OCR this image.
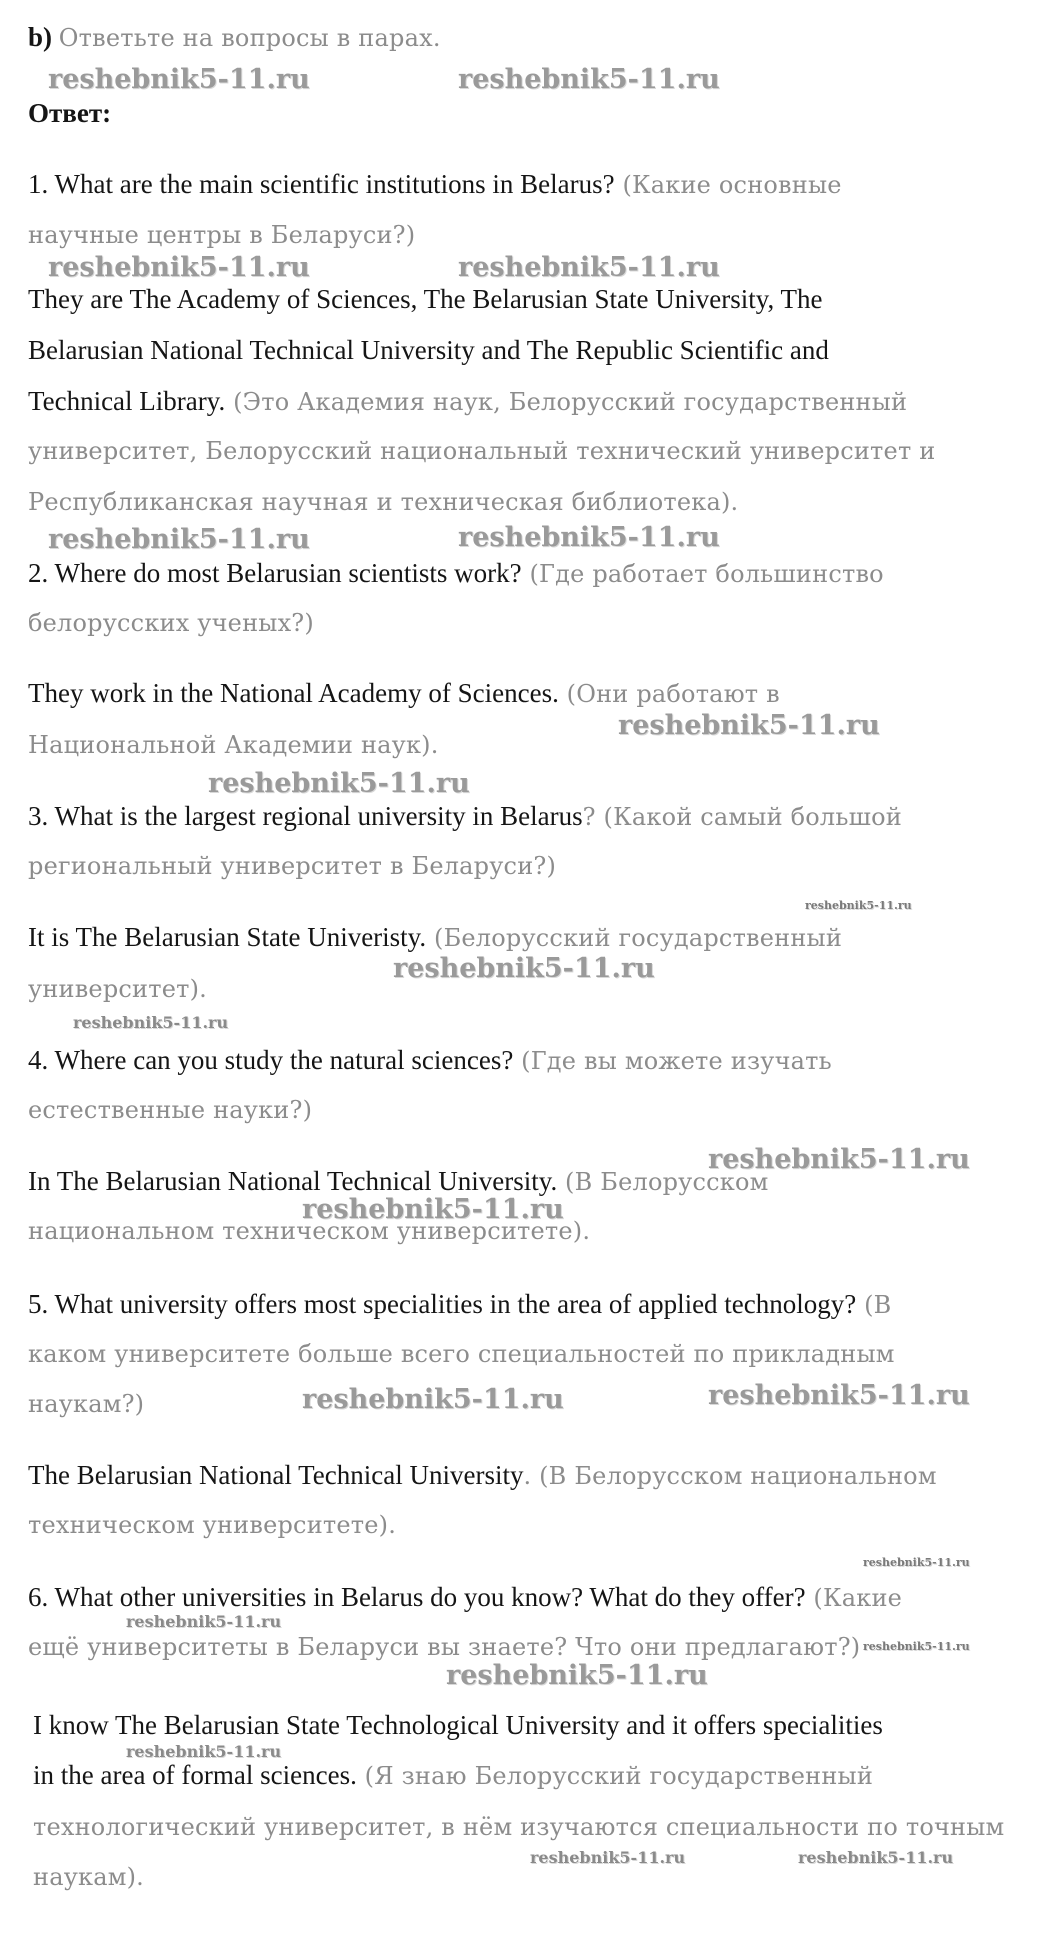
b) Ответьте на вопросы в парах.
Ответ:
1. What are the main scientific institutions in Belarus? (Какие основные
научные центры в Беларуси?)
They are The Academy of Sciences, The Belarusian State University, The
Belarusian National Technical University and The Republic Scientific and
Technical Library. (Это Академия наук, Белорусский государственный
университет, Белорусский национальный технический университет и
Республиканская научная и техническая библиотека).
2. Where do most Belarusian scientists work? (Где работает большинство
белорусских ученых?)
They work in the National Academy of Sciences. (Они работают в
Национальной Академии наук).
3. What is the largest regional university in Belarus? (Какой самый большой
региональный университет в Беларуси?)
It is The Belarusian State Univeristy. (Белорусский государственный
университет).
4. Where can you study the natural sciences? (Где вы можете изучать
естественные науки?)
In The Belarusian National Technical University. (В Белорусском
национальном техническом университете).
5. What university offers most specialities in the area of applied technology? (В
каком университете больше всего специальностей по прикладным
наукам?)
The Belarusian National Technical University. (В Белорусском национальном
техническом университете).
6. What other universities in Belarus do you know? What do they offer? (Какие
ещё университеты в Беларуси вы знаете? Что они предлагают?)
I know The Belarusian State Technological University and it offers specialities
in the area of formal sciences. (Я знаю Белорусский государственный
технологический университет, в нём изучаются специальности по точным
наукам).
reshebnik5-11.ru	reshebnik5-11.ru
reshebnik5-11.ru	reshebnik5-11.ru
reshebnik5-11.ru	reshebnik5-11.ru
reshebnik5-11.ru
reshebnik5-11.ru
reshebnik5-11.ru
reshebnik5-11.ru
reshebnik5-11.ru
reshebnik5-11.ru
reshebnik5-11.ru
reshebnik5-11.ru
reshebnik5-11.ru
reshebnik5-11.ru
reshebnik5-11.ru
reshebnik5-11.ru
reshebnik5-11.ru
reshebnik5-11.ru
reshebnik5-11.ru	reshebnik5-11.ru
